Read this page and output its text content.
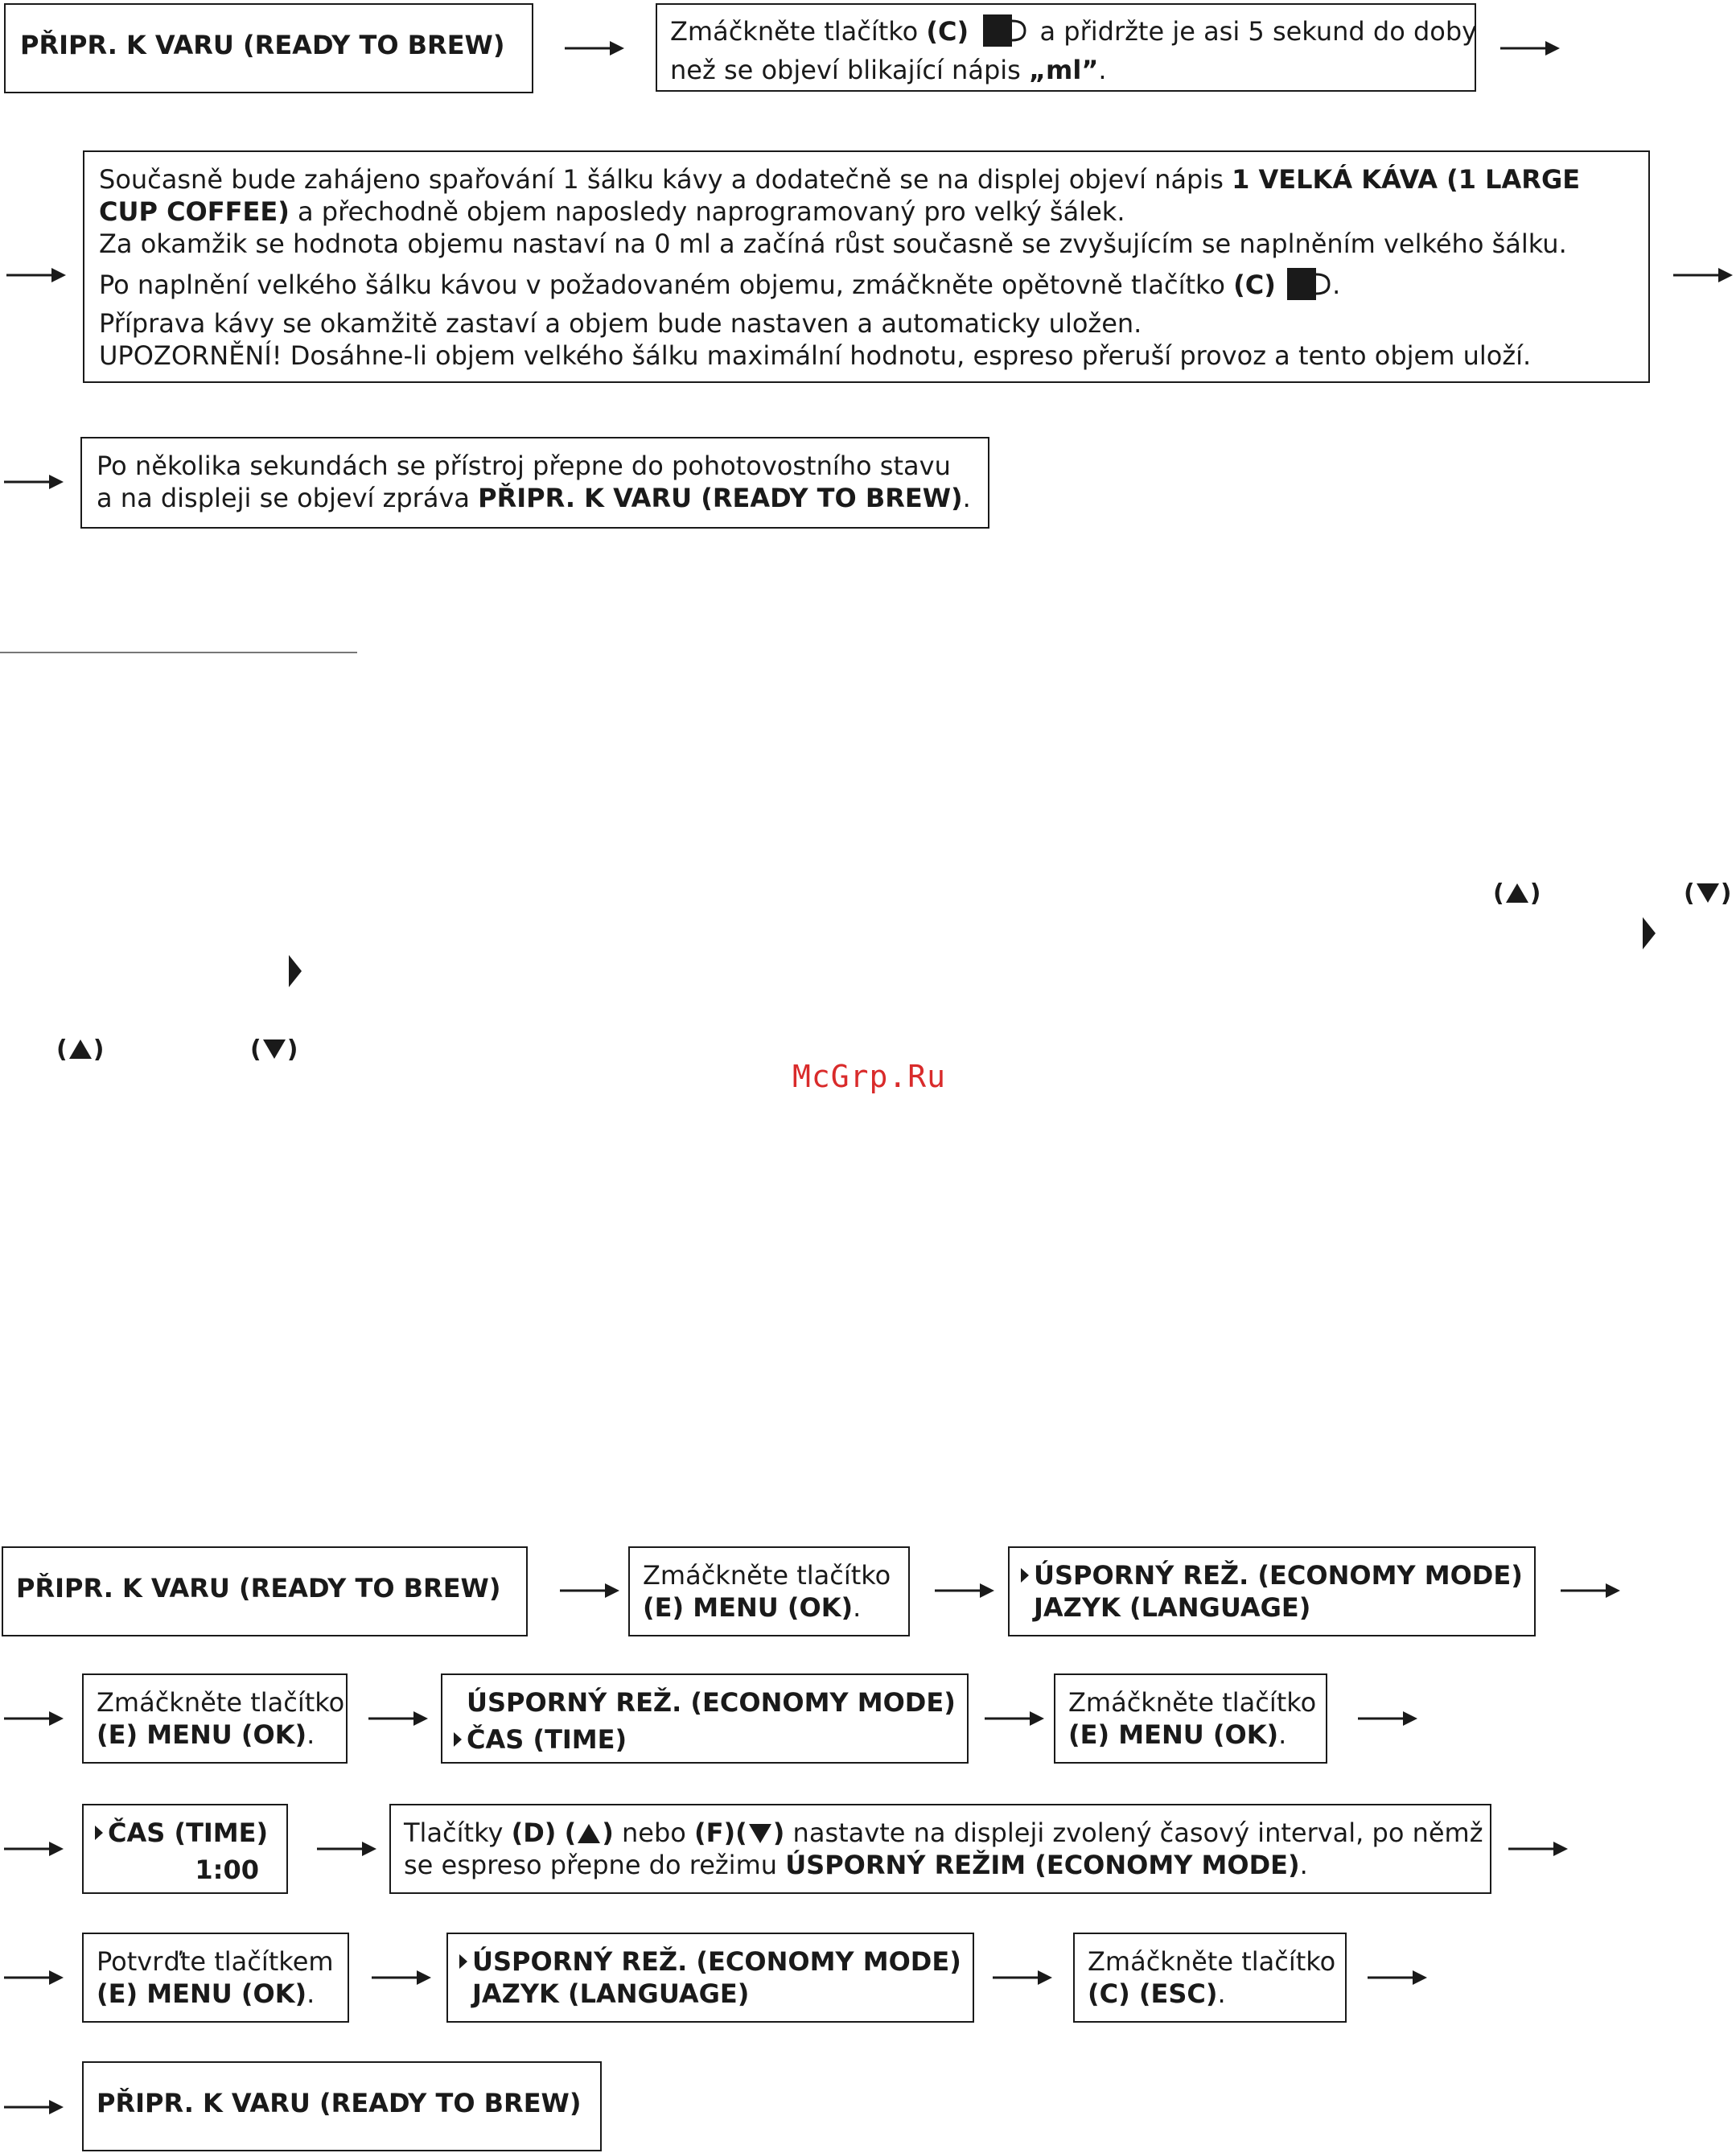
PŘIPR. K VARU (READY TO BREW)	Zmáčkněte tlačítko (C)	a přidržte je asi 5 sekund do doby
než se objeví blikající nápis „ml”.
Současně bude zahájeno spařování 1 šálku kávy a dodatečně se na displej objeví nápis 1 VELKÁ KÁVA (1 LARGE
CUP COFFEE) a přechodně objem naposledy naprogramovaný pro velký šálek.
Za okamžik se hodnota objemu nastaví na 0 ml a začíná růst současně se zvyšujícím se naplněním velkého šálku.
Po naplnění velkého šálku kávou v požadovaném objemu, zmáčkněte opětovně tlačítko (C) .
Příprava kávy se okamžitě zastaví a objem bude nastaven a automaticky uložen.
UPOZORNĚNÍ! Dosáhne-li objem velkého šálku maximální hodnotu, espreso přeruší provoz a tento objem uloží.
Po několika sekundách se přístroj přepne do pohotovostního stavu
a na displeji se objeví zpráva PŘIPR. K VARU (READY TO BREW).
( )	( )
( )	( )
McGrp.Ru
PŘIPR. K VARU (READY TO BREW)	Zmáčkněte tlačítko
(E) MENU (OK).
ÚSPORNÝ REŽ. (ECONOMY MODE)
JAZYK (LANGUAGE)
Zmáčkněte tlačítko
(E) MENU (OK).
ÚSPORNÝ REŽ. (ECONOMY MODE)
ČAS (TIME)
Zmáčkněte tlačítko
(E) MENU (OK).
ČAS (TIME)
1:00
Tlačítky (D) ( ) nebo (F)( ) nastavte na displeji zvolený časový interval, po němž
se espreso přepne do režimu ÚSPORNÝ REŽIM (ECONOMY MODE).
Potvrďte tlačítkem
(E) MENU (OK).
ÚSPORNÝ REŽ. (ECONOMY MODE)
JAZYK (LANGUAGE)
Zmáčkněte tlačítko
(C) (ESC).
PŘIPR. K VARU (READY TO BREW)
